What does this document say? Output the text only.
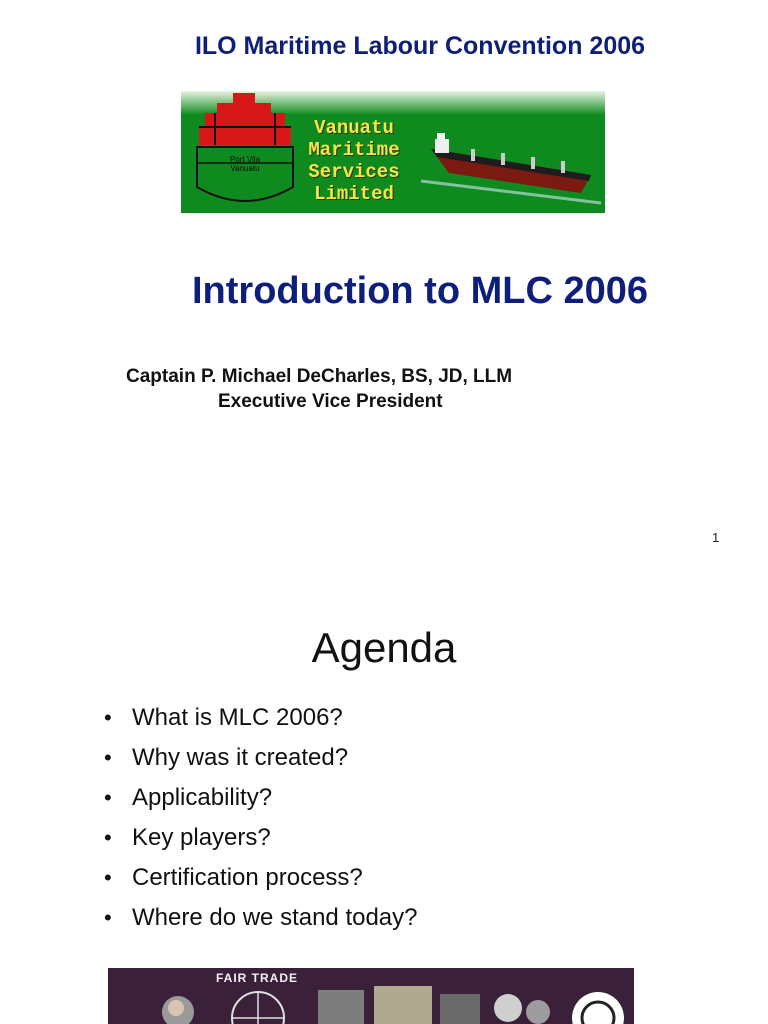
ILO Maritime Labour Convention 2006
Port Vila
Vanuatu
Vanuatu
Maritime
Services
Limited
Introduction to MLC 2006
Captain P. Michael DeCharles, BS, JD, LLM
Executive Vice President
1
Agenda
• What is MLC 2006?
• Why was it created?
• Applicability?
• Key players?
• Certification process?
• Where do we stand today?
FAIR TRADE
